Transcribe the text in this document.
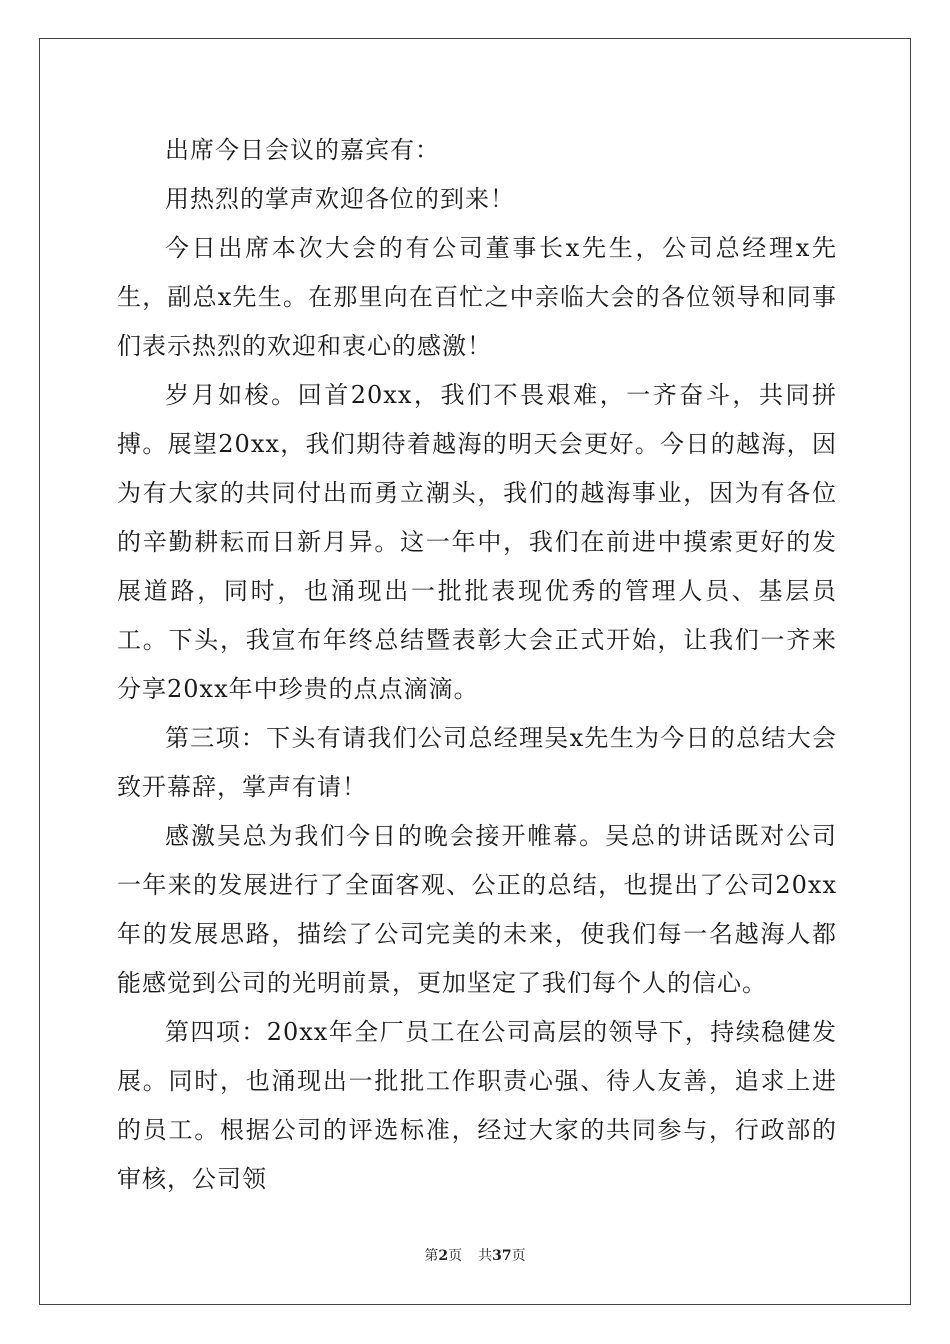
出席今日会议的嘉宾有：

用热烈的掌声欢迎各位的到来！

今日出席本次大会的有公司董事长x先生，公司总经理x先生，副总x先生。在那里向在百忙之中亲临大会的各位领导和同事们表示热烈的欢迎和衷心的感激！

岁月如梭。回首20xx，我们不畏艰难，一齐奋斗，共同拼搏。展望20xx，我们期待着越海的明天会更好。今日的越海，因为有大家的共同付出而勇立潮头，我们的越海事业，因为有各位的辛勤耕耘而日新月异。这一年中，我们在前进中摸索更好的发展道路，同时，也涌现出一批批表现优秀的管理人员、基层员工。下头，我宣布年终总结暨表彰大会正式开始，让我们一齐来分享20xx年中珍贵的点点滴滴。

第三项：下头有请我们公司总经理吴x先生为今日的总结大会致开幕辞，掌声有请！

感激吴总为我们今日的晚会接开帷幕。吴总的讲话既对公司一年来的发展进行了全面客观、公正的总结，也提出了公司20xx年的发展思路，描绘了公司完美的未来，使我们每一名越海人都能感觉到公司的光明前景，更加坚定了我们每个人的信心。

第四项：20xx年全厂员工在公司高层的领导下，持续稳健发展。同时，也涌现出一批批工作职责心强、待人友善，追求上进的员工。根据公司的评选标准，经过大家的共同参与，行政部的审核，公司领

第2页 共37页
